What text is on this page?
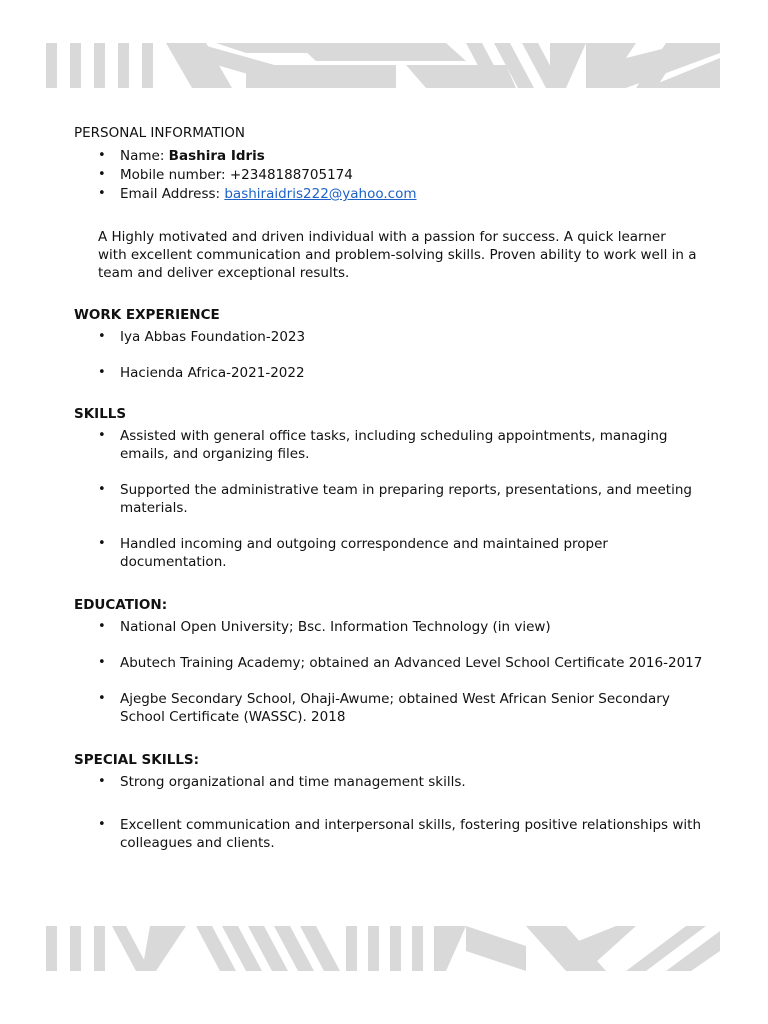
PERSONAL INFORMATION
• Name: Bashira Idris
• Mobile number: +2348188705174
• Email Address: bashiraidris222@yahoo.com
A Highly motivated and driven individual with a passion for success. A quick learner with excellent communication and problem-solving skills. Proven ability to work well in a team and deliver exceptional results.
WORK EXPERIENCE
• Iya Abbas Foundation-2023
• Hacienda Africa-2021-2022
SKILLS
• Assisted with general office tasks, including scheduling appointments, managing emails, and organizing files.
• Supported the administrative team in preparing reports, presentations, and meeting materials.
• Handled incoming and outgoing correspondence and maintained proper documentation.
EDUCATION:
• National Open University; Bsc. Information Technology (in view)
• Abutech Training Academy; obtained an Advanced Level School Certificate 2016-2017
• Ajegbe Secondary School, Ohaji-Awume; obtained West African Senior Secondary School Certificate (WASSC). 2018
SPECIAL SKILLS:
• Strong organizational and time management skills.
• Excellent communication and interpersonal skills, fostering positive relationships with colleagues and clients.
